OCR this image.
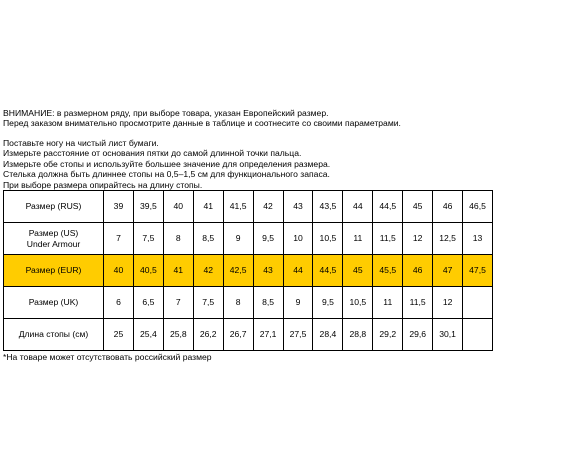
ВНИМАНИЕ: в размерном ряду, при выборе товара, указан Европейский размер.
Перед заказом внимательно просмотрите данные в таблице и соотнесите со своими параметрами.
Поставьте ногу на чистый лист бумаги.
Измерьте расстояние от основания пятки до самой длинной точки пальца.
Измерьте обе стопы и используйте большее значение для определения размера.
Стелька должна быть длиннее стопы на 0,5–1,5 см для функционального запаса.
При выборе размера опирайтесь на длину стопы.
Размер (RUS)	39	39,5	40	41	41,5	42	43	43,5	44	44,5	45	46	46,5

Размер (US)
Under Armour	7	7,5	8	8,5	9	9,5	10	10,5	11	11,5	12	12,5	13
Размер (EUR)	40	40,5	41	42	42,5	43	44	44,5	45	45,5	46	47	47,5
Размер (UK)	6	6,5	7	7,5	8	8,5	9	9,5	10,5	11	11,5	12	
Длина стопы (см)	25	25,4	25,8	26,2	26,7	27,1	27,5	28,4	28,8	29,2	29,6	30,1	
*На товаре может отсутствовать российский размер
